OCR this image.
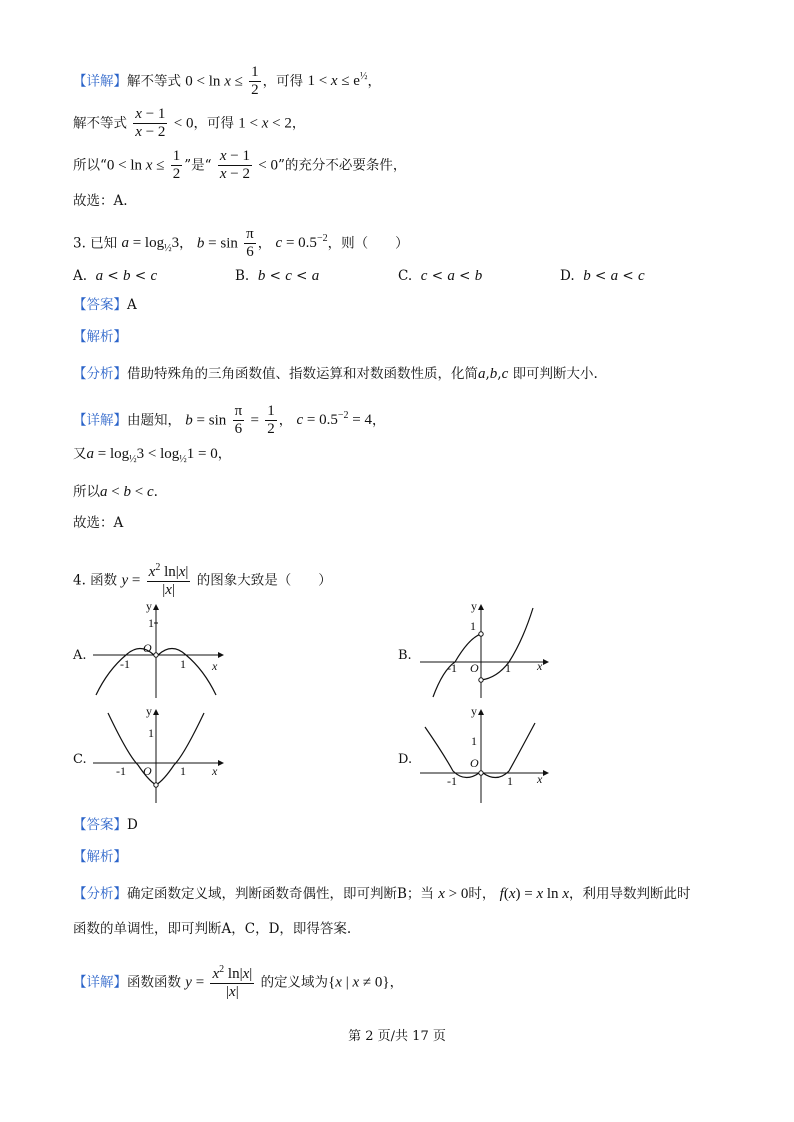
【详解】解不等式 $0 < \ln x \le \frac{1}{2}$ ，可得 $1 < x \le e^{\frac{1}{2}}$，
解不等式 $\frac{x - 1}{x - 2} < 0$，可得 1 < x < 2，
所以“$0 < \ln x \le \frac{1}{2}$ ”是“ $\frac{x - 1}{x - 2} < 0$”的充分不必要条件，
故选：A.
3. 已知 $a = \log_{\frac{1}{2}}3$， $b = \sin \frac{\pi}{6}$ ， $c = 0.5^{-2}$，则（　　）
A. a < b < c	B. b < c < a	C. c < a < b	D. b < a < c
【答案】A
【解析】
【分析】借助特殊角的三角函数值、指数运算和对数函数性质，化简a,b,c 即可判断大小.
【详解】由题知， $b = \sin \frac{\pi}{6} = \frac{1}{2}$ ， $c = 0.5^{-2} = 4$，
又$a = \log_{\frac{1}{2}}3 < \log_{\frac{1}{2}}1 = 0$，
所以a < b < c.
故选：A
4. 函数 $y = \frac{x^2 \ln|x|}{|x|}$ 的图象大致是（　　）
A.	B.
C.	D.
y
x
1
O
-1	1
y
x
1
O
-1	1
y
x
1
O
-1	1
y
x
1
O
-1	1
【答案】D
【解析】
【分析】确定函数定义域，判断函数奇偶性，即可判断B；当 x > 0时， f(x) = x ln x，利用导数判断此时
函数的单调性，即可判断A，C，D，即得答案.
【详解】函数函数 $y = \frac{x^2 \ln|x|}{|x|}$ 的定义域为{x | x ≠ 0}，
第 2 页/共 17 页
